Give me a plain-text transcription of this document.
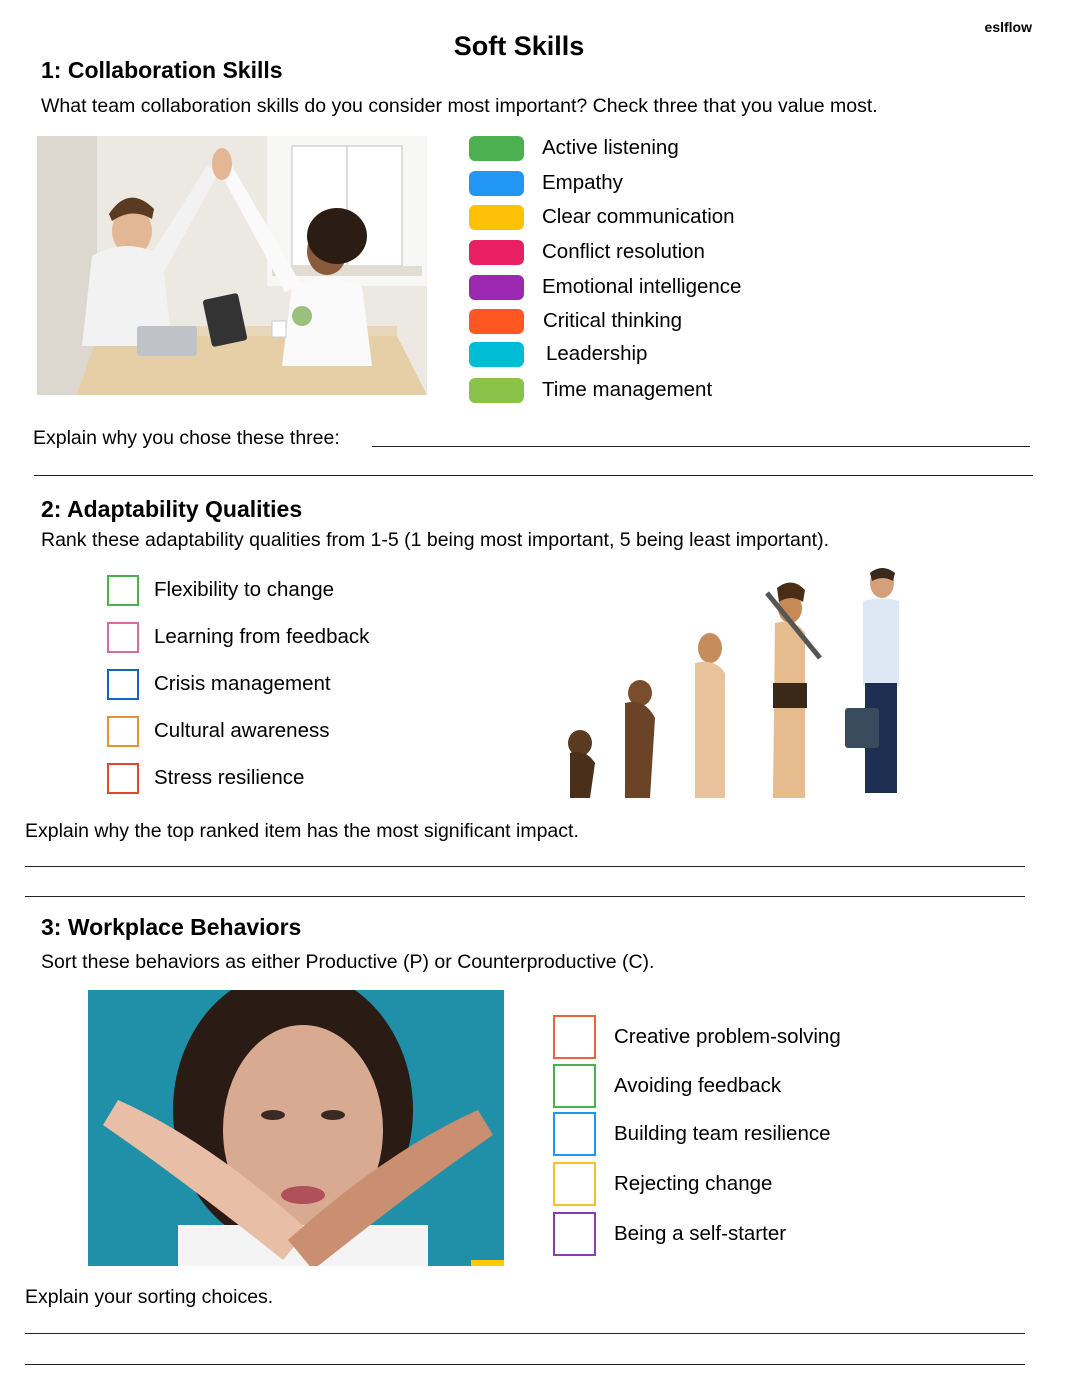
eslflow
Soft Skills
1: Collaboration Skills
What team collaboration skills do you consider most important? Check three that you value most.
Active listening
Empathy
Clear communication
Conflict resolution
Emotional intelligence
Critical thinking
Leadership
Time management
Explain why you chose these three:
2: Adaptability Qualities
Rank these adaptability qualities from 1-5 (1 being most important, 5 being least important).
Flexibility to change
Learning from feedback
Crisis management
Cultural awareness
Stress resilience
Explain why the top ranked item has the most significant impact.
3: Workplace Behaviors
Sort these behaviors as either Productive (P) or Counterproductive (C).
Creative problem-solving
Avoiding feedback
Building team resilience
Rejecting change
Being a self-starter
Explain your sorting choices.
